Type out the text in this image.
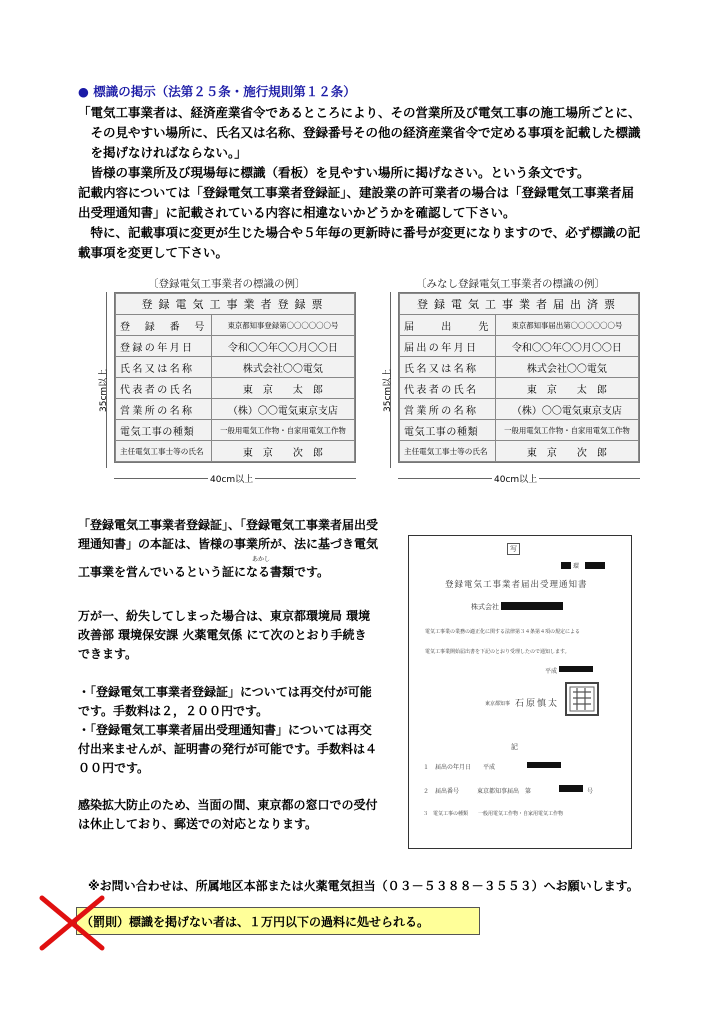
● 標識の掲示（法第２５条・施行規則第１２条）
「電気工事業者は、経済産業省令であるところにより、その営業所及び電気工事の施工場所ごとに、
　その見やすい場所に、氏名又は名称、登録番号その他の経済産業省令で定める事項を記載した標識
　を掲げなければならない。」
　皆様の事業所及び現場毎に標識（看板）を見やすい場所に掲げなさい。という条文です。
記載内容については「登録電気工事業者登録証」、建設業の許可業者の場合は「登録電気工事業者届
出受理通知書」に記載されている内容に相違ないかどうかを確認して下さい。
　特に、記載事項に変更が生じた場合や５年毎の更新時に番号が変更になりますので、必ず標識の記
載事項を変更して下さい。
〔登録電気工事業者の標識の例〕	〔みなし登録電気工事業者の標識の例〕
35cm以上
登録電気工事業者登録票	
登　録　番　号	東京都知事登録第〇〇〇〇〇〇号
登録の年月日	令和〇〇年〇〇月〇〇日
氏名又は名称	株式会社〇〇電気
代表者の氏名	東　京　　太　郎
営業所の名称	（株）〇〇電気東京支店
電気工事の種類	一般用電気工作物・自家用電気工作物
主任電気工事士等の氏名	東　京　　次　郎
40cm以上
35cm以上
登録電気工事業者届出済票	
届　　出　　先	東京都知事届出第〇〇〇〇〇〇号
届出の年月日	令和〇〇年〇〇月〇〇日
氏名又は名称	株式会社〇〇電気
代表者の氏名	東　京　　太　郎
営業所の名称	（株）〇〇電気東京支店
電気工事の種類	一般用電気工作物・自家用電気工作物
主任電気工事士等の氏名	東　京　　次　郎
40cm以上
「登録電気工事業者登録証」、「登録電気工事業者届出受
理通知書」の本証は、皆様の事業所が、法に基づき電気
あかし
工事業を営んでいるという証になる書類です。
万が一、紛失してしまった場合は、東京都環境局 環境
改善部 環境保安課 火薬電気係 にて次のとおり手続き
できます。
・「登録電気工事業者登録証」については再交付が可能
です。手数料は２，２００円です。
・「登録電気工事業者届出受理通知書」については再交
付出来ませんが、証明書の発行が可能です。手数料は４
００円です。
感染拡大防止のため、当面の間、東京都の窓口での受付
は休止しており、郵送での対応となります。
写
環
登録電気工事業者届出受理通知書
株式会社
電気工事業の業務の適正化に関する法律第３４条第４項の規定による
電気工事業開始届出書を下記のとおり受理したので通知します。
平成
東京都知事 石原慎太
記
１　届出の年月日　　平成
２　届出番号　　　東京都知事届出　第	号
３　電気工事の種類　　一般用電気工作物・自家用電気工作物
※お問い合わせは、所属地区本部または火薬電気担当（０３－５３８８－３５５３）へお願いします。
（罰則）標識を掲げない者は、１万円以下の過料に処せられる。
